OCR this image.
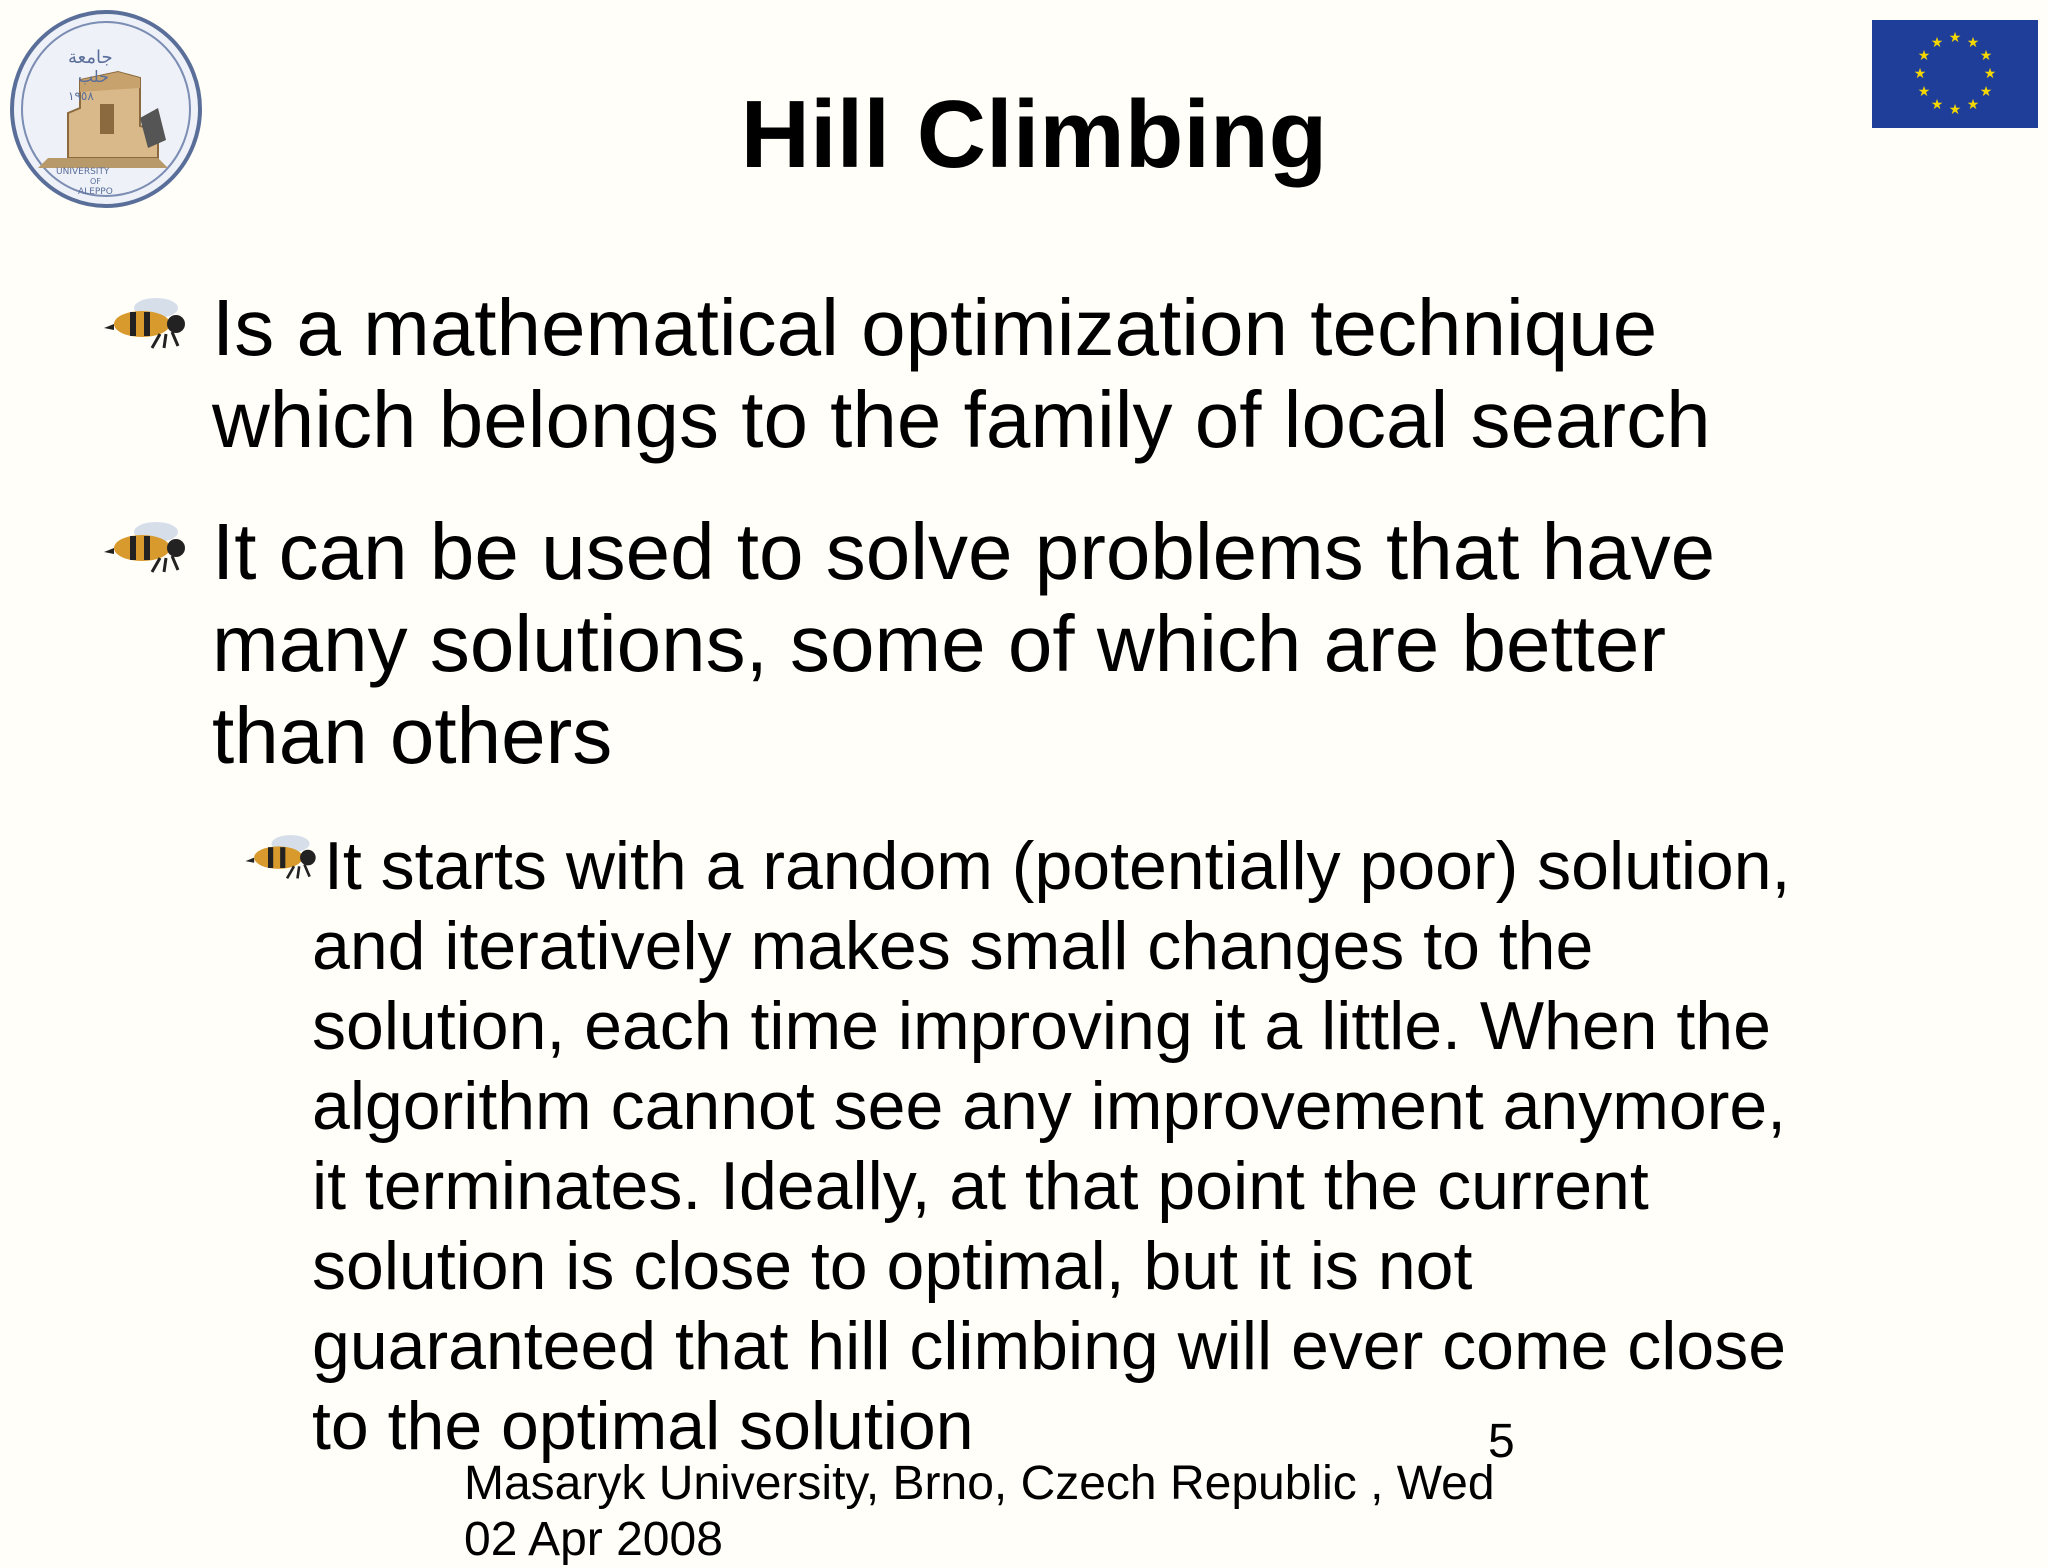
جامعة
حلب
١٩٥٨
UNIVERSITY
OF
ALEPPO
★ ★
★
★
★
★
★
★
★
★
★
★
Hill Climbing
Is a mathematical optimization technique
which belongs to the family of local search
It can be used to solve problems that have
many solutions, some of which are better
than others
It starts with a random (potentially poor) solution,
and iteratively makes small changes to the
solution, each time improving it a little. When the
algorithm cannot see any improvement anymore,
it terminates. Ideally, at that point the current
solution is close to optimal, but it is not
guaranteed that hill climbing will ever come close
to the optimal solution	5
Masaryk University, Brno, Czech Republic , Wed
02 Apr 2008
